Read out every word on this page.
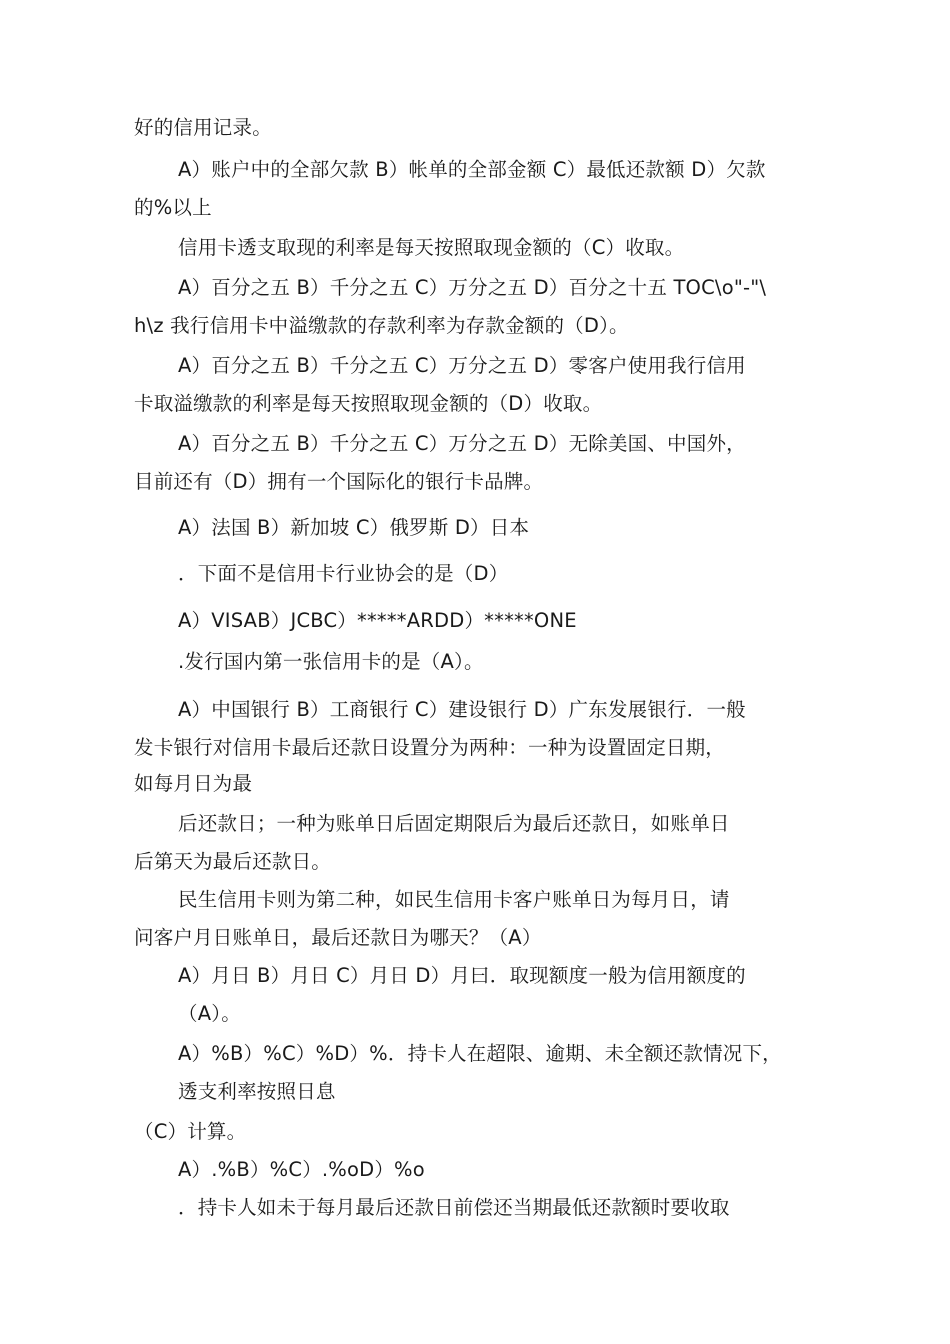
好的信用记录。
A）账户中的全部欠款 B）帐单的全部金额 C）最低还款额 D）欠款
的%以上
信用卡透支取现的利率是每天按照取现金额的（C）收取。
A）百分之五 B）千分之五 C）万分之五 D）百分之十五 TOC\o"-"\
h\z 我行信用卡中溢缴款的存款利率为存款金额的（D）。
A）百分之五 B）千分之五 C）万分之五 D）零客户使用我行信用
卡取溢缴款的利率是每天按照取现金额的（D）收取。
A）百分之五 B）千分之五 C）万分之五 D）无除美国、中国外，
目前还有（D）拥有一个国际化的银行卡品牌。
A）法国 B）新加坡 C）俄罗斯 D）日本
．下面不是信用卡行业协会的是（D）
A）VISAB）JCBC）*****ARDD）*****ONE
.发行国内第一张信用卡的是（A）。
A）中国银行 B）工商银行 C）建设银行 D）广东发展银行．一般
发卡银行对信用卡最后还款日设置分为两种：一种为设置固定日期，
如每月日为最
后还款日；一种为账单日后固定期限后为最后还款日，如账单日
后第天为最后还款日。
民生信用卡则为第二种，如民生信用卡客户账单日为每月日，请
问客户月日账单日，最后还款日为哪天？（A）
A）月日 B）月日 C）月日 D）月曰．取现额度一般为信用额度的
（A）。
A）%B）%C）%D）%．持卡人在超限、逾期、未全额还款情况下，
透支利率按照日息
（C）计算。
A）.%B）%C）.%oD）%o
．持卡人如未于每月最后还款日前偿还当期最低还款额时要收取
